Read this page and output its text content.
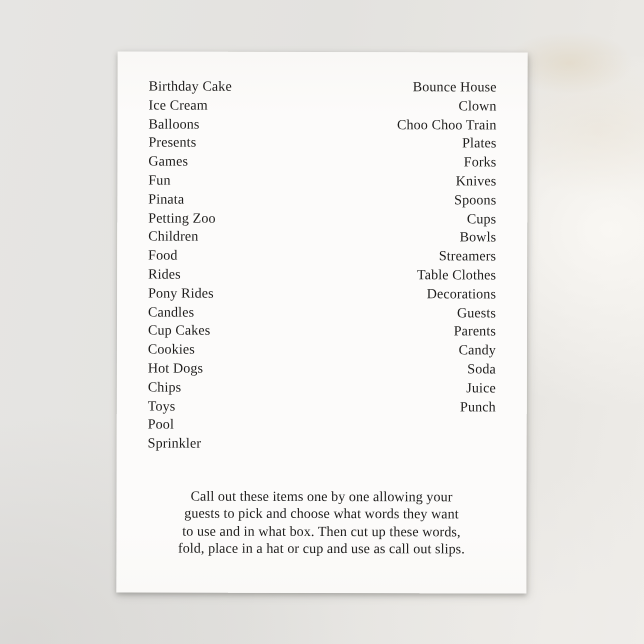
Birthday Cake
Ice Cream
Balloons
Presents
Games
Fun
Pinata
Petting Zoo
Children
Food
Rides
Pony Rides
Candles
Cup Cakes
Cookies
Hot Dogs
Chips
Toys
Pool
Sprinkler
Bounce House
Clown
Choo Choo Train
Plates
Forks
Knives
Spoons
Cups
Bowls
Streamers
Table Clothes
Decorations
Guests
Parents
Candy
Soda
Juice
Punch
Call out these items one by one allowing your
guests to pick and choose what words they want
to use and in what box. Then cut up these words,
fold, place in a hat or cup and use as call out slips.
